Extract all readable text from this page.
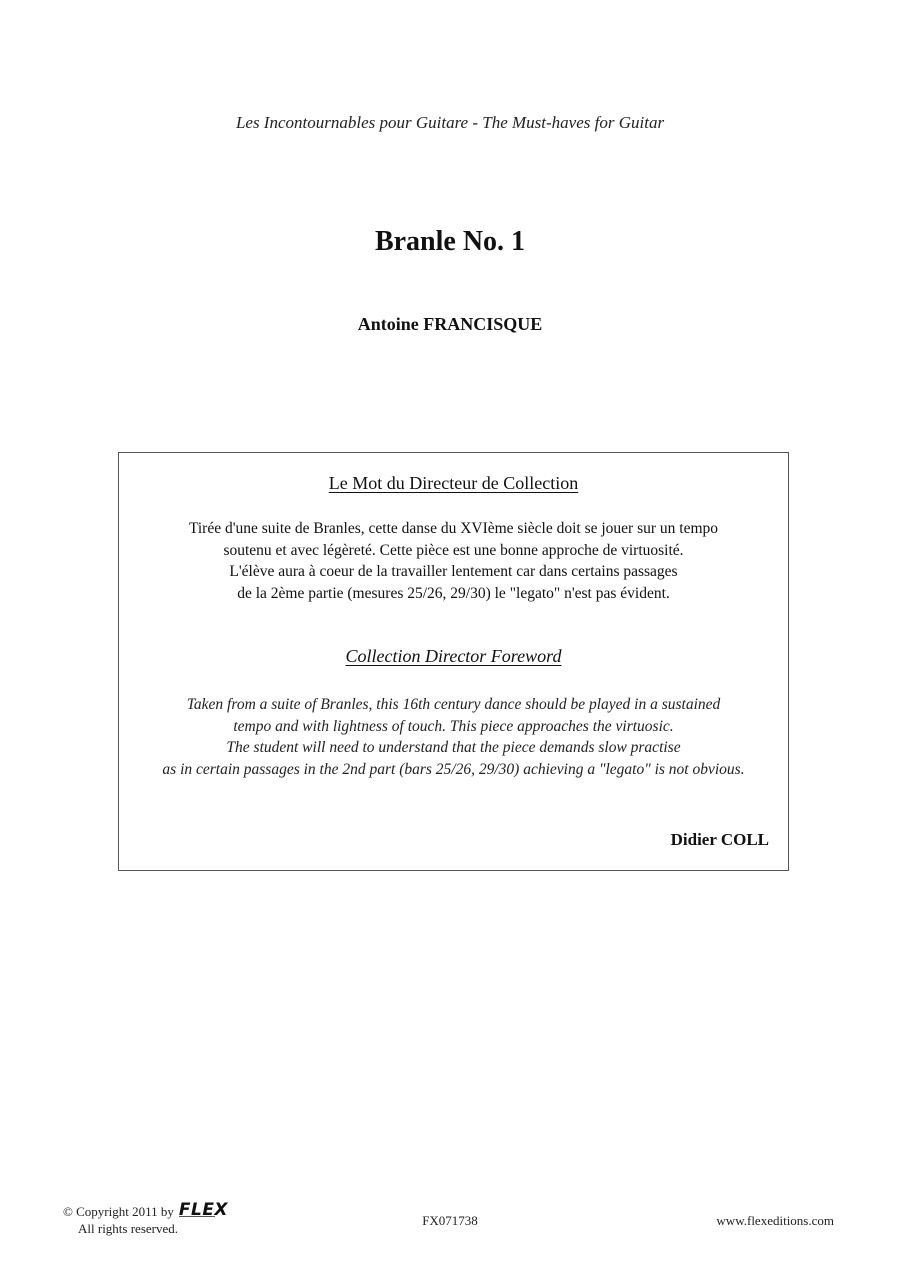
Les Incontournables pour Guitare - The Must-haves for Guitar
Branle No. 1
Antoine FRANCISQUE
Le Mot du Directeur de Collection
Tirée d'une suite de Branles, cette danse du XVIème siècle doit se jouer sur un tempo
soutenu et avec légèreté. Cette pièce est une bonne approche de virtuosité.
L'élève aura à coeur de la travailler lentement car dans certains passages
de la 2ème partie (mesures 25/26, 29/30) le "legato" n'est pas évident.
Collection Director Foreword
Taken from a suite of Branles, this 16th century dance should be played in a sustained
tempo and with lightness of touch. This piece approaches the virtuosic.
The student will need to understand that the piece demands slow practise
as in certain passages in the 2nd part (bars 25/26, 29/30) achieving a "legato" is not obvious.
Didier COLL
© Copyright 2011 by FLEX
All rights reserved.
FX071738	www.flexeditions.com
